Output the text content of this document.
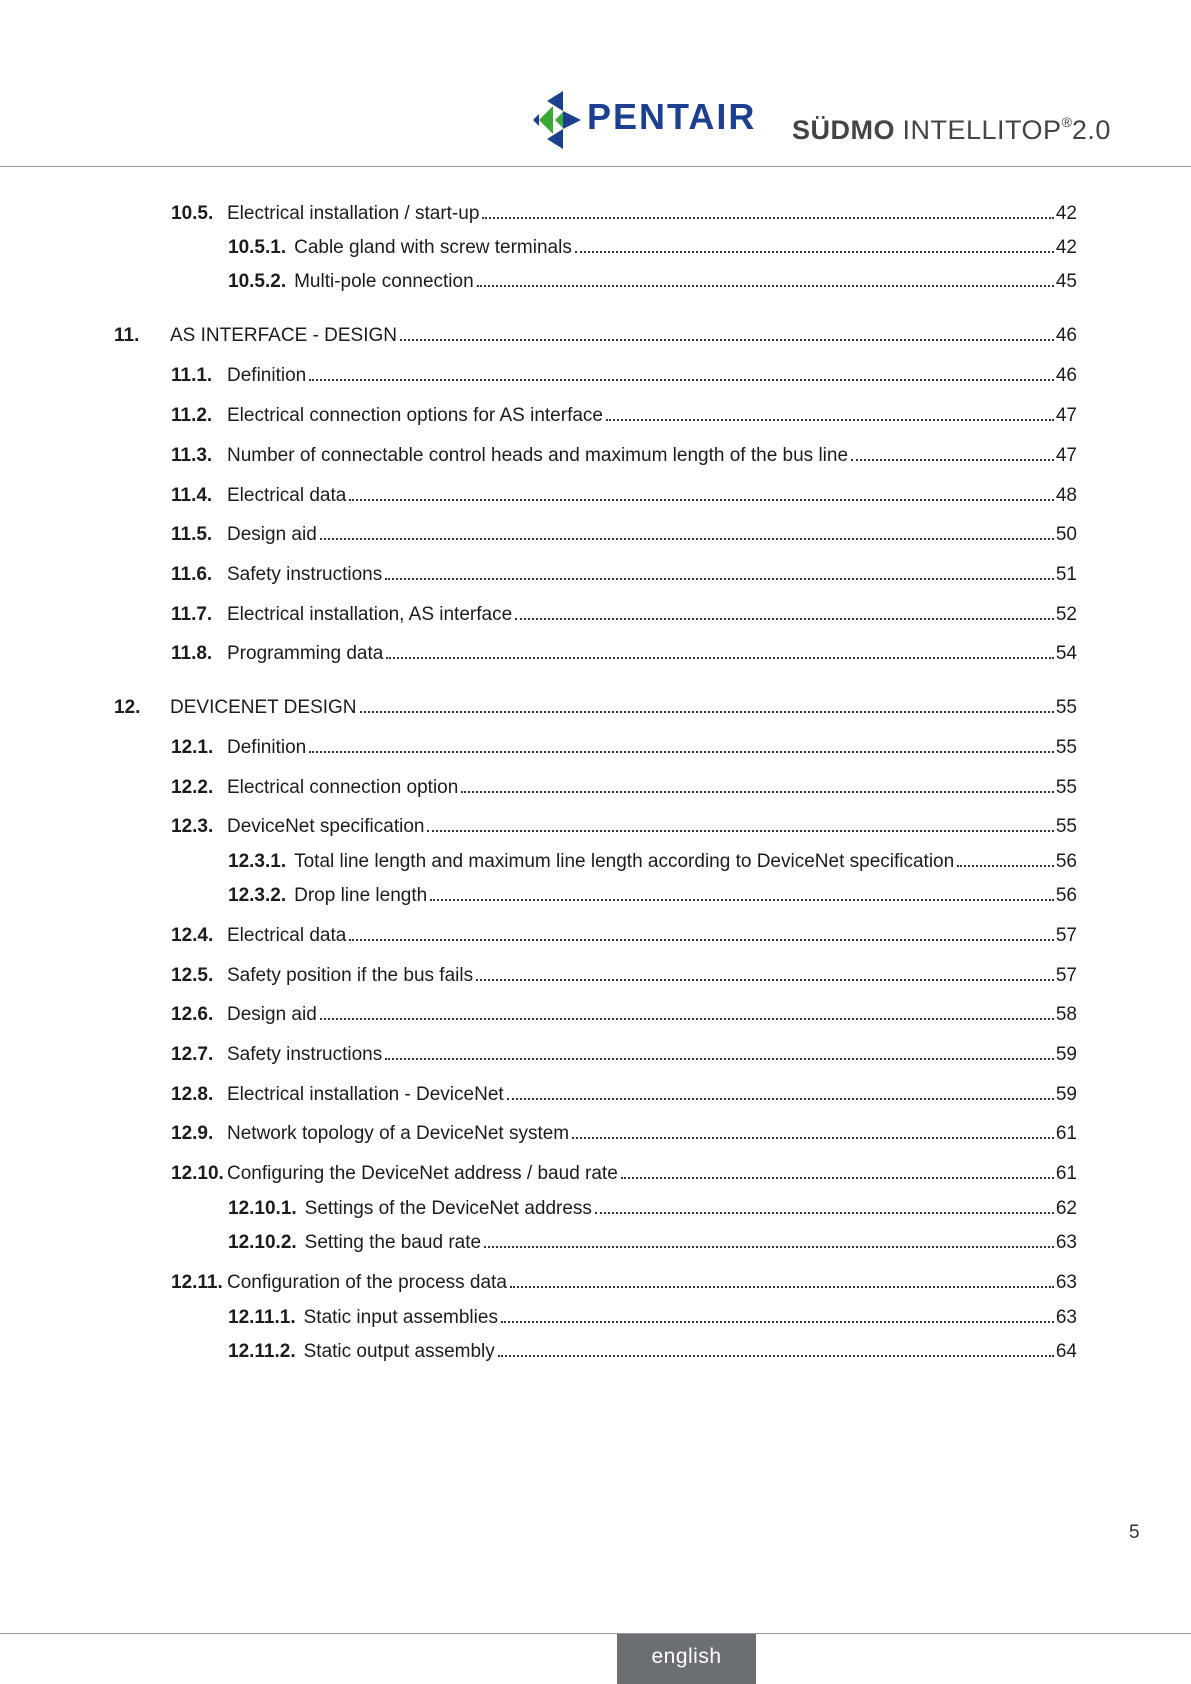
PENTAIR SÜDMO INTELLITOP®2.0
10.5. Electrical installation / start-up	42
10.5.1. Cable gland with screw terminals	42
10.5.2. Multi-pole connection	45
11.	AS INTERFACE - DESIGN	46
11.1. Definition	46
11.2. Electrical connection options for AS interface	47
11.3. Number of connectable control heads and maximum length of the bus line	47
11.4. Electrical data	48
11.5. Design aid	50
11.6. Safety instructions	51
11.7. Electrical installation, AS interface	52
11.8. Programming data	54
12.	DEVICENET DESIGN	55
12.1. Definition	55
12.2. Electrical connection option	55
12.3. DeviceNet specification	55
12.3.1. Total line length and maximum line length according to DeviceNet specification	56
12.3.2. Drop line length	56
12.4. Electrical data	57
12.5. Safety position if the bus fails	57
12.6. Design aid	58
12.7. Safety instructions	59
12.8. Electrical installation - DeviceNet	59
12.9. Network topology of a DeviceNet system	61
12.10. Configuring the DeviceNet address / baud rate	61
12.10.1. Settings of the DeviceNet address	62
12.10.2. Setting the baud rate	63
12.11. Configuration of the process data	63
12.11.1. Static input assemblies	63
12.11.2. Static output assembly	64
5
english
